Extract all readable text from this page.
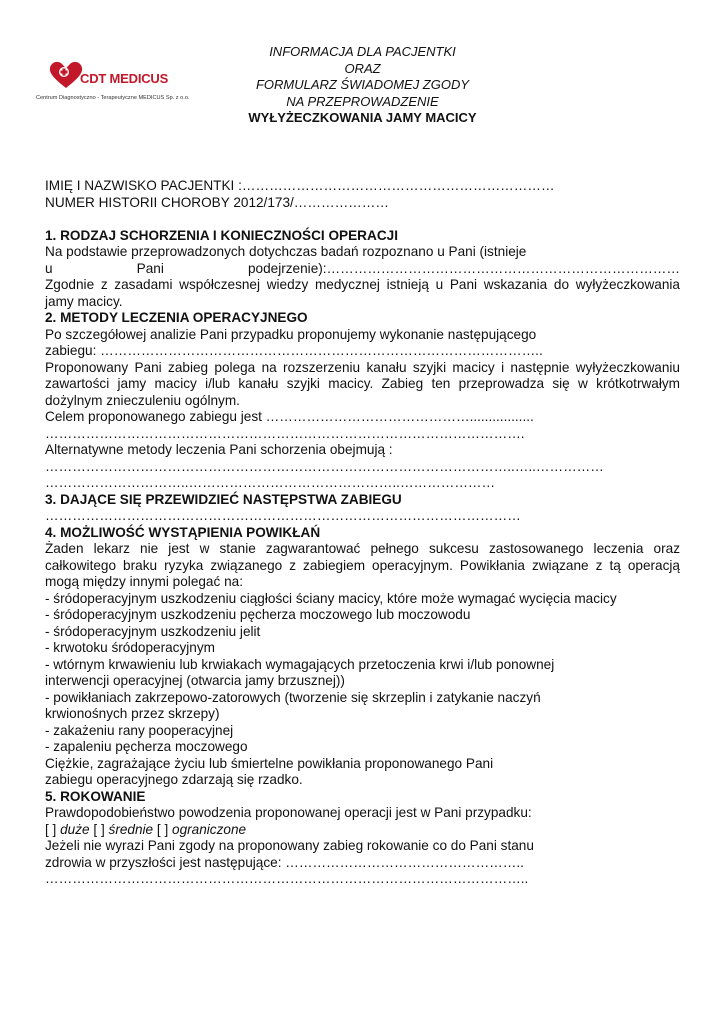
CDT MEDICUS
Centrum Diagnostyczno - Terapeutyczne MEDICUS Sp. z o.o.
INFORMACJA DLA PACJENTKI
ORAZ
FORMULARZ ŚWIADOMEJ ZGODY
NA PRZEPROWADZENIE
WYŁYŻECZKOWANIA JAMY MACICY

IMIĘ I NAZWISKO PACJENTKI :……………………………………………………………

NUMER HISTORII CHOROBY 2012/173/…………………

1. RODZAJ SCHORZENIA I KONIECZNOŚCI OPERACJI

Na podstawie przeprowadzonych dotychczas badań rozpoznano u Pani (istnieje

u	Pani	podejrzenie):……………………………………………………………………

Zgodnie z zasadami współczesnej wiedzy medycznej istnieją u Pani wskazania do wyłyżeczkowania jamy macicy.

2. METODY LECZENIA OPERACYJNEGO

Po szczegółowej analizie Pani przypadku proponujemy wykonanie następującego

zabiegu: ……………………………………………………………………………………..

Proponowany Pani zabieg polega na rozszerzeniu kanału szyjki macicy i następnie wyłyżeczkowaniu zawartości jamy macicy i/lub kanału szyjki macicy. Zabieg ten przeprowadza się w krótkotrwałym dożylnym znieczuleniu ogólnym.

Celem proponowanego zabiegu jest ……………………………………….................

…………………………………………………………………………………………….

Alternatywne metody leczenia Pani schorzenia obejmują :

…………………………………………………………………………………………..…..……………

…………………………..………………………………………..…………………

3. DAJĄCE SIĘ PRZEWIDZIEĆ NASTĘPSTWA ZABIEGU

……………………………………………………………………………………………

4. MOŻLIWOŚĆ WYSTĄPIENIA POWIKŁAŃ

Żaden lekarz nie jest w stanie zagwarantować pełnego sukcesu zastosowanego leczenia oraz całkowitego braku ryzyka związanego z zabiegiem operacyjnym. Powikłania związane z tą operacją mogą między innymi polegać na:

- śródoperacyjnym uszkodzeniu ciągłości ściany macicy, które może wymagać wycięcia macicy

- śródoperacyjnym uszkodzeniu pęcherza moczowego lub moczowodu

- śródoperacyjnym uszkodzeniu jelit

- krwotoku śródoperacyjnym

- wtórnym krwawieniu lub krwiakach wymagających przetoczenia krwi i/lub ponownej

interwencji operacyjnej (otwarcia jamy brzusznej))

- powikłaniach zakrzepowo-zatorowych (tworzenie się skrzeplin i zatykanie naczyń

krwionośnych przez skrzepy)

- zakażeniu rany pooperacyjnej

- zapaleniu pęcherza moczowego

Ciężkie, zagrażające życiu lub śmiertelne powikłania proponowanego Pani

zabiegu operacyjnego zdarzają się rzadko.

5. ROKOWANIE

Prawdopodobieństwo powodzenia proponowanej operacji jest w Pani przypadku:

[ ] duże [ ] średnie [ ] ograniczone

Jeżeli nie wyrazi Pani zgody na proponowany zabieg rokowanie co do Pani stanu

zdrowia w przyszłości jest następujące: ……………………………………………..

……………………………………………………………………………………………..
